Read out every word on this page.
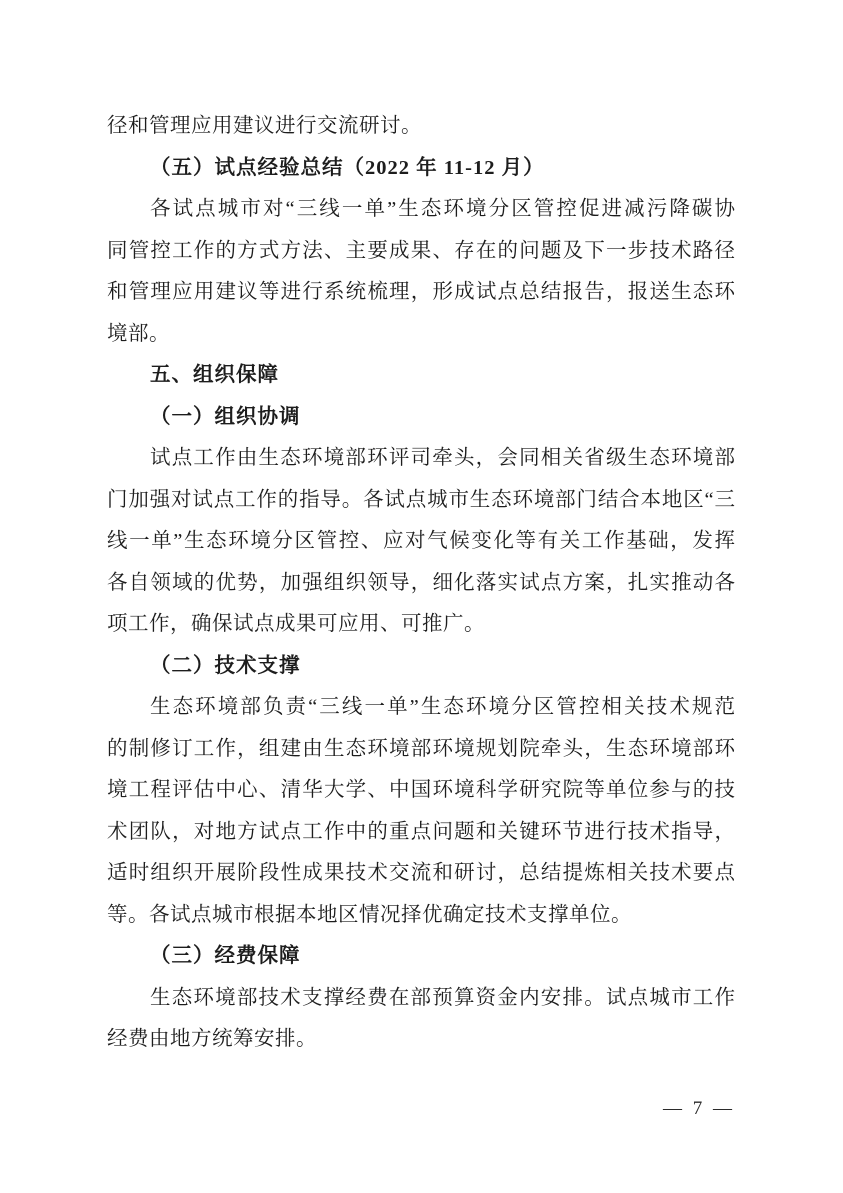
径和管理应用建议进行交流研讨。

（五）试点经验总结（2022 年 11-12 月）

各试点城市对“三线一单”生态环境分区管控促进减污降碳协

同管控工作的方式方法、主要成果、存在的问题及下一步技术路径

和管理应用建议等进行系统梳理，形成试点总结报告，报送生态环

境部。

五、组织保障

（一）组织协调

试点工作由生态环境部环评司牵头，会同相关省级生态环境部

门加强对试点工作的指导。各试点城市生态环境部门结合本地区“三

线一单”生态环境分区管控、应对气候变化等有关工作基础，发挥

各自领域的优势，加强组织领导，细化落实试点方案，扎实推动各

项工作，确保试点成果可应用、可推广。

（二）技术支撑

生态环境部负责“三线一单”生态环境分区管控相关技术规范

的制修订工作，组建由生态环境部环境规划院牵头，生态环境部环

境工程评估中心、清华大学、中国环境科学研究院等单位参与的技

术团队，对地方试点工作中的重点问题和关键环节进行技术指导，

适时组织开展阶段性成果技术交流和研讨，总结提炼相关技术要点

等。各试点城市根据本地区情况择优确定技术支撑单位。

（三）经费保障

生态环境部技术支撑经费在部预算资金内安排。试点城市工作

经费由地方统筹安排。

— 7 —
